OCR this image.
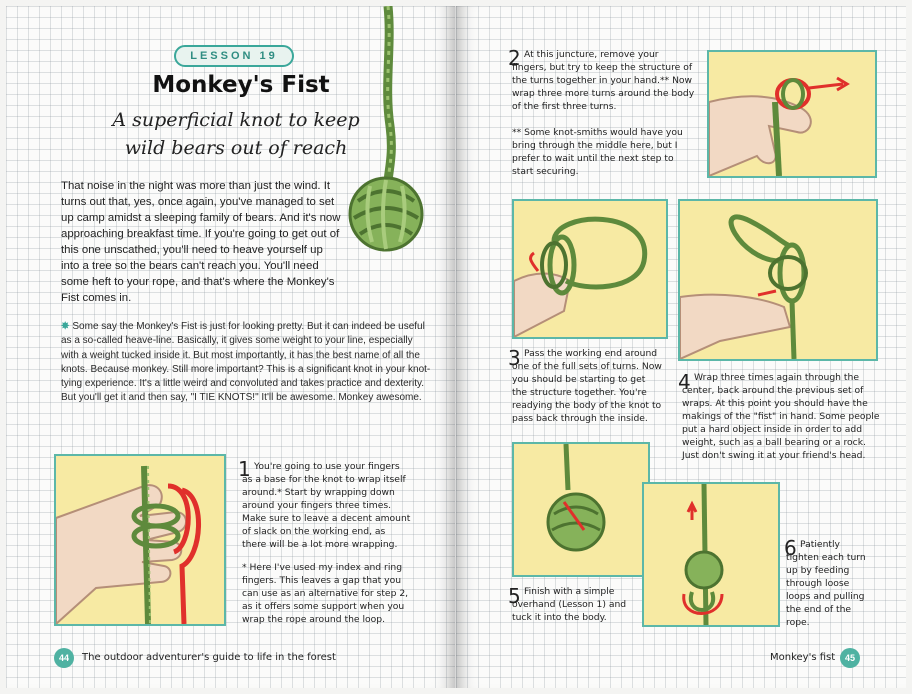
LESSON 19
Monkey's Fist
A superficial knot to keep wild bears out of reach

That noise in the night was more than just the wind. It turns out that, yes, once again, you've managed to set up camp amidst a sleeping family of bears. And it's now approaching breakfast time. If you're going to get out of this one unscathed, you'll need to heave yourself up into a tree so the bears can't reach you. You'll need some heft to your rope, and that's where the Monkey's Fist comes in.

✸ Some say the Monkey's Fist is just for looking pretty. But it can indeed be useful as a so-called heave-line. Basically, it gives some weight to your line, especially with a weight tucked inside it. But most importantly, it has the best name of all the knots. Because monkey. Still more important? This is a significant knot in your knot-tying experience. It's a little weird and convoluted and takes practice and dexterity. But you'll get it and then say, "I TIE KNOTS!" It'll be awesome. Monkey awesome.

1 You're going to use your fingers as a base for the knot to wrap itself around.* Start by wrapping down around your fingers three times. Make sure to leave a decent amount of slack on the working end, as there will be a lot more wrapping.

* Here I've used my index and ring fingers. This leaves a gap that you can use as an alternative for step 2, as it offers some support when you wrap the rope around the loop.

44	The outdoor adventurer's guide to life in the forest
2 At this juncture, remove your fingers, but try to keep the structure of the turns together in your hand.** Now wrap three more turns around the body of the first three turns.

** Some knot-smiths would have you bring through the middle here, but I prefer to wait until the next step to start securing.

3 Pass the working end around one of the full sets of turns. Now you should be starting to get the structure together. You're readying the body of the knot to pass back through the inside.

4 Wrap three times again through the center, back around the previous set of wraps. At this point you should have the makings of the "fist" in hand. Some people put a hard object inside in order to add weight, such as a ball bearing or a rock. Just don't swing it at your friend's head.

5 Finish with a simple overhand (Lesson 1) and tuck it into the body.

6 Patiently tighten each turn up by feeding through loose loops and pulling the end of the rope.

Monkey's fist	45
